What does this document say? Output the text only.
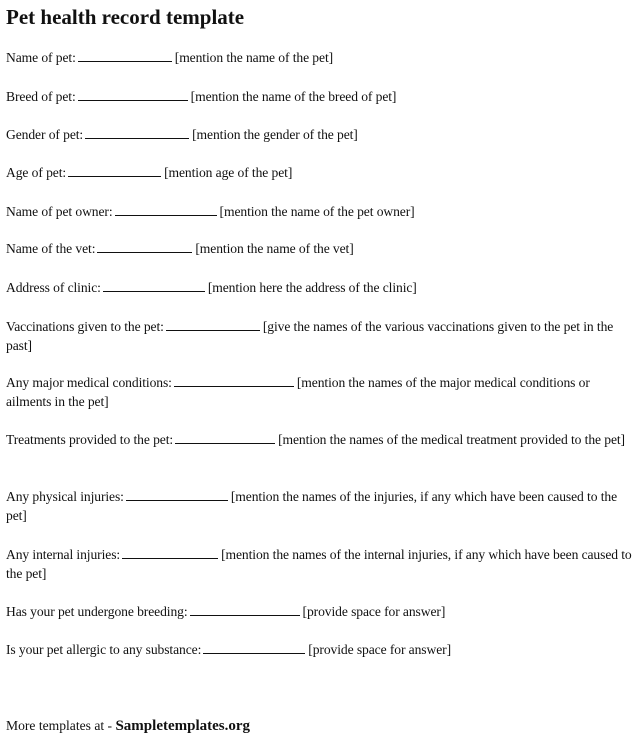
Pet health record template
Name of pet:	[mention the name of the pet]
Breed of pet:	[mention the name of the breed of pet]
Gender of pet:	[mention the gender of the pet]
Age of pet:	[mention age of the pet]
Name of pet owner:	[mention the name of the pet owner]
Name of the vet:	[mention the name of the vet]
Address of clinic:	[mention here the address of the clinic]
Vaccinations given to the pet:	[give the names of the various vaccinations given to the pet in the past]
Any major medical conditions:	[mention the names of the major medical conditions or ailments in the pet]
Treatments provided to the pet:	[mention the names of the medical treatment provided to the pet]
Any physical injuries:	[mention the names of the injuries, if any which have been caused to the pet]
Any internal injuries:	[mention the names of the internal injuries, if any which have been caused to the pet]
Has your pet undergone breeding:	[provide space for answer]
Is your pet allergic to any substance:	[provide space for answer]
More templates at - Sampletemplates.org
